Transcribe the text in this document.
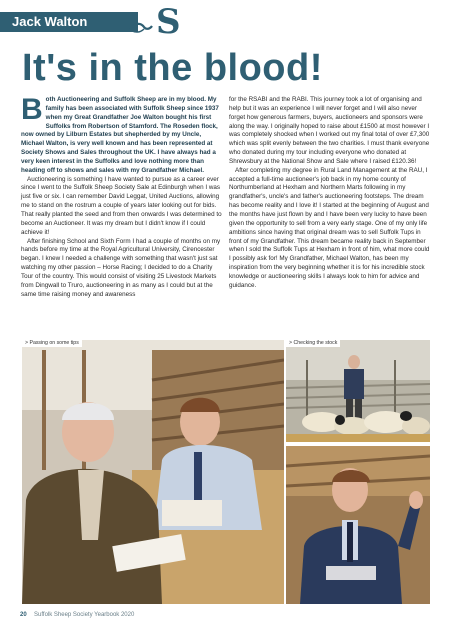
Jack Walton S
It's in the blood!

Both Auctioneering and Suffolk Sheep are in my blood. My family has been associated with Suffolk Sheep since 1937 when my Great Grandfather Joe Walton bought his first Suffolks from Robertson of Stamford. The Roseden flock, now owned by Lilburn Estates but shepherded by my Uncle, Michael Walton, is very well known and has been represented at Society Shows and Sales throughout the UK. I have always had a very keen interest in the Suffolks and love nothing more than heading off to shows and sales with my Grandfather Michael.

Auctioneering is something I have wanted to pursue as a career ever since I went to the Suffolk Sheep Society Sale at Edinburgh when I was just five or six. I can remember David Leggat, United Auctions, allowing me to stand on the rostrum a couple of years later looking out for bids. That really planted the seed and from then onwards I was determined to become an Auctioneer. It was my dream but I didn't know if I could achieve it!

After finishing School and Sixth Form I had a couple of months on my hands before my time at the Royal Agricultural University, Cirencester began. I knew I needed a challenge with something that wasn't just sat watching my other passion – Horse Racing; I decided to do a Charity Tour of the country. This would consist of visiting 25 Livestock Markets from Dingwall to Truro, auctioneering in as many as I could but at the same time raising money and awareness

for the RSABI and the RABI. This journey took a lot of organising and help but it was an experience I will never forget and I will also never forget how generous farmers, buyers, auctioneers and sponsors were along the way. I originally hoped to raise about £1500 at most however I was completely shocked when I worked out my final total of over £7,300 which was split evenly between the two charities. I must thank everyone who donated during my tour including everyone who donated at Shrewsbury at the National Show and Sale where I raised £120.36!

After completing my degree in Rural Land Management at the RAU, I accepted a full-time auctioneer's job back in my home county of Northumberland at Hexham and Northern Marts following in my grandfather's, uncle's and father's auctioneering footsteps. The dream has become reality and I love it! I started at the beginning of August and the months have just flown by and I have been very lucky to have been given the opportunity to sell from a very early stage. One of my only life ambitions since having that original dream was to sell Suffolk Tups in front of my Grandfather. This dream became reality back in September when I sold the Suffolk Tups at Hexham in front of him, what more could I possibly ask for! My Grandfather, Michael Walton, has been my inspiration from the very beginning whether it is for his incredible stock knowledge or auctioneering skills I always look to him for advice and guidance.

> Passing on some tips	> Checking the stock
20 Suffolk Sheep Society Yearbook 2020
